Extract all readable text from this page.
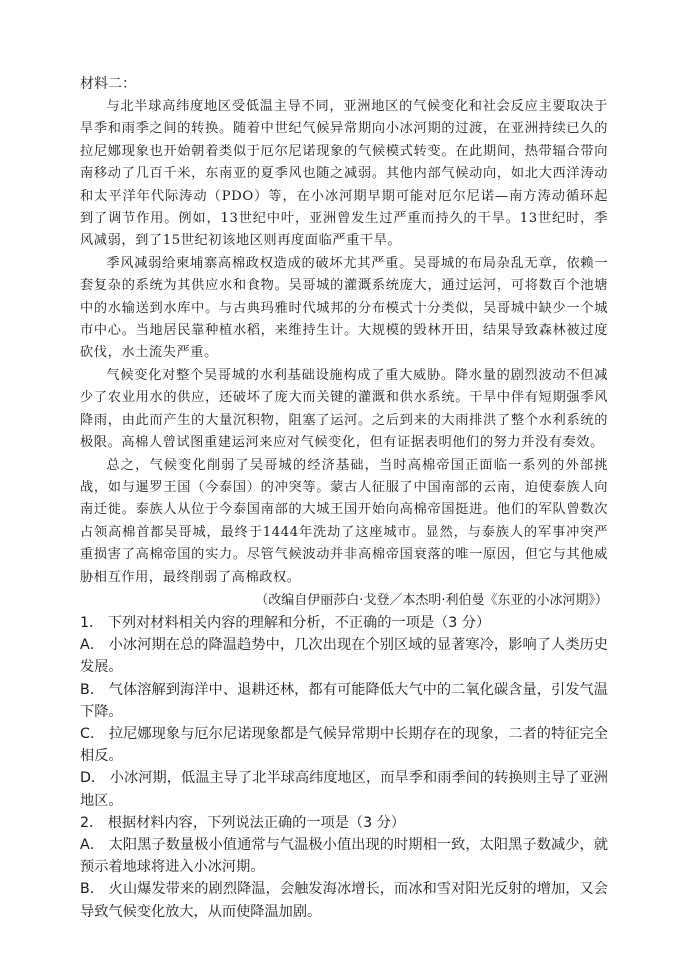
材料二：

与北半球高纬度地区受低温主导不同，亚洲地区的气候变化和社会反应主要取决于旱季和雨季之间的转换。随着中世纪气候异常期向小冰河期的过渡，在亚洲持续已久的拉尼娜现象也开始朝着类似于厄尔尼诺现象的气候模式转变。在此期间，热带辐合带向南移动了几百千米，东南亚的夏季风也随之减弱。其他内部气候动向，如北大西洋涛动和太平洋年代际涛动（PDO）等，在小冰河期早期可能对厄尔尼诺—南方涛动循环起到了调节作用。例如，13世纪中叶，亚洲曾发生过严重而持久的干旱。13世纪时，季风减弱，到了15世纪初该地区则再度面临严重干旱。

季风减弱给柬埔寨高棉政权造成的破坏尤其严重。吴哥城的布局杂乱无章，依赖一套复杂的系统为其供应水和食物。吴哥城的灌溉系统庞大，通过运河，可将数百个池塘中的水输送到水库中。与古典玛雅时代城邦的分布模式十分类似，吴哥城中缺少一个城市中心。当地居民靠种植水稻，来维持生计。大规模的毁林开田，结果导致森林被过度砍伐，水土流失严重。

气候变化对整个吴哥城的水利基础设施构成了重大威胁。降水量的剧烈波动不但减少了农业用水的供应，还破坏了庞大而关键的灌溉和供水系统。干旱中伴有短期强季风降雨，由此而产生的大量沉积物，阻塞了运河。之后到来的大雨排洪了整个水利系统的极限。高棉人曾试图重建运河来应对气候变化，但有证据表明他们的努力并没有奏效。

总之，气候变化削弱了吴哥城的经济基础，当时高棉帝国正面临一系列的外部挑战，如与暹罗王国（今泰国）的冲突等。蒙古人征服了中国南部的云南，迫使泰族人向南迁徙。泰族人从位于今泰国南部的大城王国开始向高棉帝国挺进。他们的军队曾数次占领高棉首都吴哥城，最终于1444年洗劫了这座城市。显然，与泰族人的军事冲突严重损害了高棉帝国的实力。尽管气候波动并非高棉帝国衰落的唯一原因，但它与其他威胁相互作用，最终削弱了高棉政权。

（改编自伊丽莎白·戈登／本杰明·利伯曼《东亚的小冰河期》）

1． 下列对材料相关内容的理解和分析，不正确的一项是（3 分）

A． 小冰河期在总的降温趋势中，几次出现在个别区域的显著寒冷，影响了人类历史发展。

B． 气体溶解到海洋中、退耕还林，都有可能降低大气中的二氧化碳含量，引发气温下降。

C． 拉尼娜现象与厄尔尼诺现象都是气候异常期中长期存在的现象，二者的特征完全相反。

D． 小冰河期，低温主导了北半球高纬度地区，而旱季和雨季间的转换则主导了亚洲地区。

2． 根据材料内容，下列说法正确的一项是（3 分）

A． 太阳黑子数量极小值通常与气温极小值出现的时期相一致，太阳黑子数减少，就预示着地球将进入小冰河期。

B． 火山爆发带来的剧烈降温，会触发海冰增长，而冰和雪对阳光反射的增加，又会导致气候变化放大，从而使降温加剧。
